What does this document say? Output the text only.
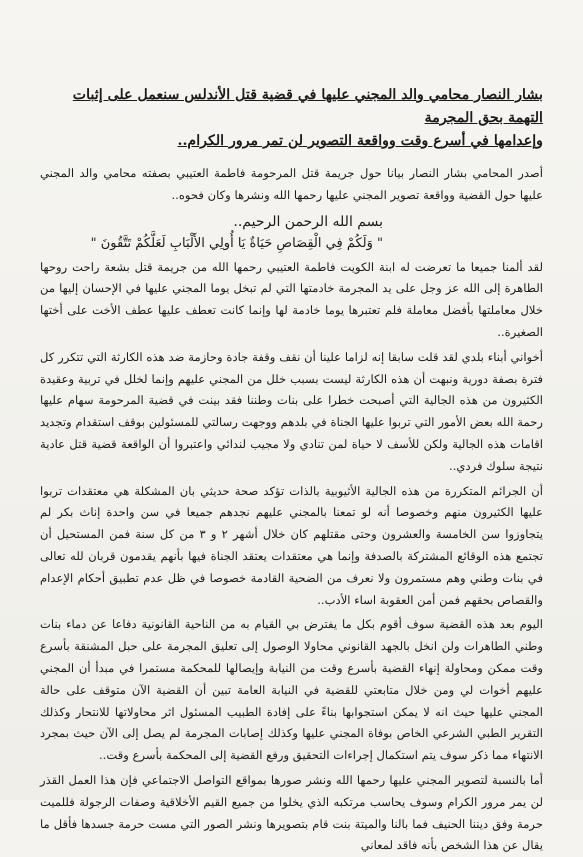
بشار النصار محامي والد المجني عليها في قضية قتل الأندلس سنعمل على إثبات التهمة بحق المجرمة
وإعدامها في أسرع وقت وواقعة التصوير لن تمر مرور الكرام..

أصدر المحامي بشار النصار بيانا حول جريمة قتل المرحومة فاطمة العتيبي بصفته محامي والد المجني عليها حول القضية وواقعة تصوير المجني عليها رحمها الله ونشرها وكان فحوه..

بسم الله الرحمن الرحيم..

" وَلَكُمْ فِي الْقِصَاصِ حَيَاةٌ يَا أُولِي الأَلْبَابِ لَعَلَّكُمْ تَتَّقُونَ "

لقد ألمنا جميعا ما تعرضت له ابنة الكويت فاطمة العتيبي رحمها الله من جريمة قتل بشعة راحت روحها الطاهرة إلى الله عز وجل على يد المجرمة خادمتها التي لم تبخل يوما المجني عليها في الإحسان إليها من خلال معاملتها بأفضل معاملة فلم تعتبرها يوما خادمة لها وإنما كانت تعطف عليها عطف الأخت على أختها الصغيرة..

أخواني أبناء بلدي لقد قلت سابقا إنه لزاما علينا أن نقف وقفة جادة وحازمة ضد هذه الكارثة التي تتكرر كل فترة بصفة دورية ونبهت أن هذه الكارثة ليست بسبب خلل من المجني عليهم وإنما لخلل في تربية وعقيدة الكثيرون من هذه الجالية التي أصبحت خطرا على بنات وطننا فقد بينت في قضية المرحومة سهام عليها رحمة الله بعض الأمور التي تربوا عليها الجناة في بلدهم ووجهت رسالتي للمسئولين بوقف استقدام وتجديد اقامات هذه الجالية ولكن للأسف لا حياة لمن تنادي ولا مجيب لندائي واعتبروا أن الواقعة قضية قتل عادية نتيجة سلوك فردي..

أن الجرائم المتكررة من هذه الجالية الأثيوبية بالذات تؤكد صحة حديثي بان المشكلة هي معتقدات تربوا عليها الكثيرون منهم وخصوصا أنه لو تمعنا بالمجني عليهم نجدهم جميعا في سن واحدة إناث بكر لم يتجاوزوا سن الخامسة والعشرون وحتى مقتلهم كان خلال أشهر ٢ و ٣ من كل سنة فمن المستحيل أن تجتمع هذه الوقائع المشتركة بالصدفة وإنما هي معتقدات يعتقد الجناة فيها بأنهم يقدمون قربان لله تعالى في بنات وطني وهم مستمرون ولا نعرف من الضحية القادمة خصوصا في ظل عدم تطبيق أحكام الإعدام والقصاص بحقهم فمن أمن العقوبة اساء الأدب..

اليوم بعد هذه القضية سوف أقوم بكل ما يفترض بي القيام به من الناحية القانونية دفاعا عن دماء بنات وطني الطاهرات ولن انخل بالجهد القانوني محاولا الوصول إلى تعليق المجرمة على حبل المشنقة بأسرع وقت ممكن ومحاولة إنهاء القضية بأسرع وقت من النيابة وإيصالها للمحكمة مستمرا في مبدأ أن المجني عليهم أخوات لي ومن خلال متابعتي للقضية في النيابة العامة تبين أن القضية الآن متوقف على حالة المجني عليها حيث انه لا يمكن استجوابها بناءً على إفادة الطبيب المسئول اثر محاولاتها للانتحار وكذلك التقرير الطبي الشرعي الخاص بوفاة المجني عليها وكذلك إصابات المجرمة لم يصل إلى الآن حيث بمجرد الانتهاء مما ذكر سوف يتم استكمال إجراءات التحقيق ورفع القضية إلى المحكمة بأسرع وقت..

أما بالنسبة لتصوير المجني عليها رحمها الله ونشر صورها بمواقع التواصل الاجتماعي فإن هذا العمل القذر لن يمر مرور الكرام وسوف يحاسب مرتكبه الذي يخلوا من جميع القيم الأخلاقية وصفات الرجولة فللميت حرمة وفق ديننا الحنيف فما بالنا والميتة بنت قام بتصويرها ونشر الصور التي مست حرمة جسدها فأقل ما يقال عن هذا الشخص بأنه فاقد لمعاني
